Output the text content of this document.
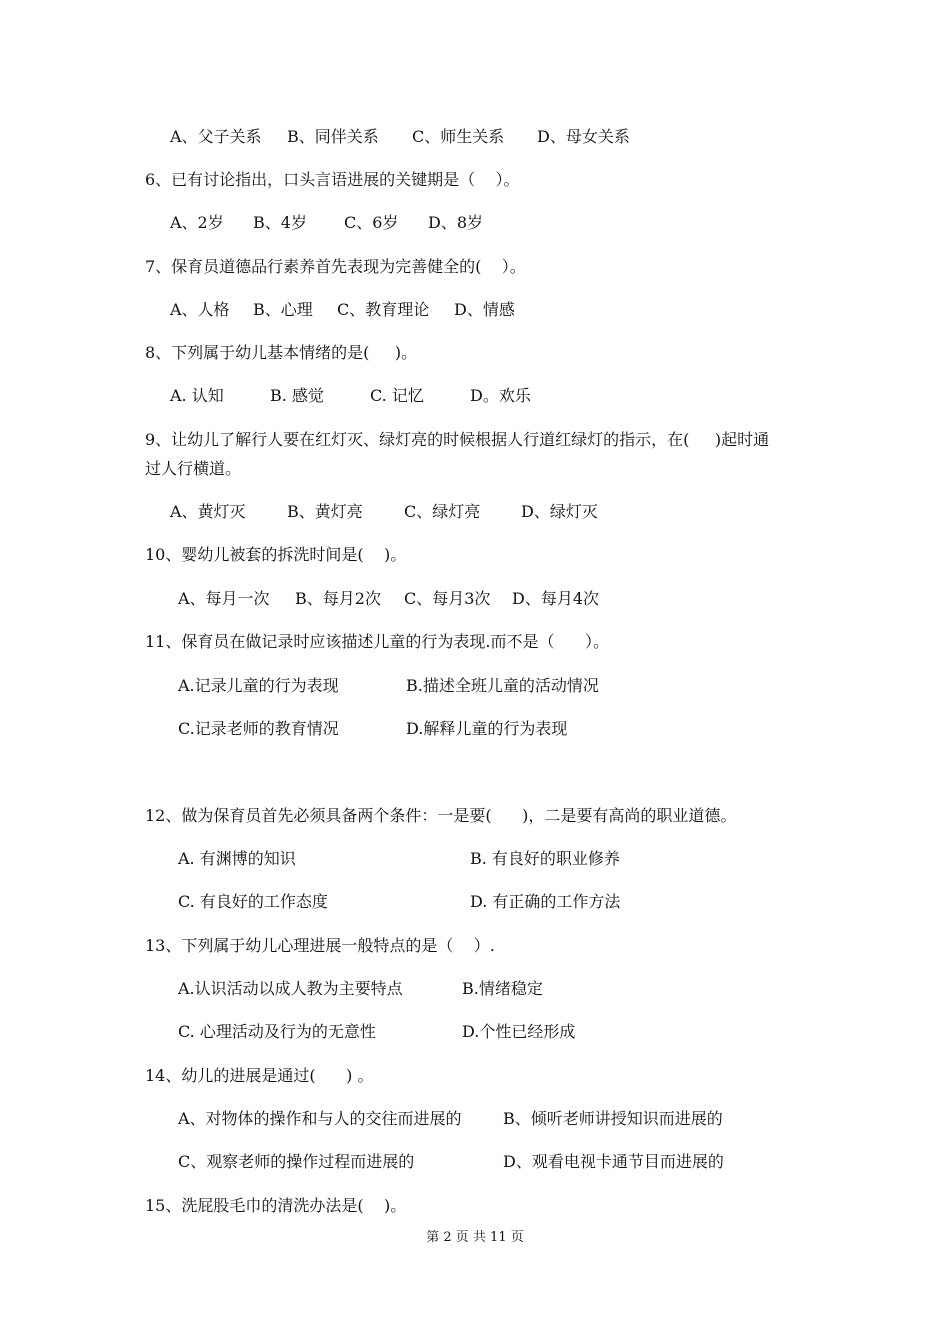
A、父子关系 B、同伴关系 C、师生关系 D、母女关系
6、已有讨论指出，口头言语进展的关键期是（    ）。
A、2岁 B、4岁 C、6岁 D、8岁
7、保育员道德品行素养首先表现为完善健全的(    ）。
A、人格 B、心理 C、教育理论 D、情感
8、下列属于幼儿基本情绪的是(     )。
A. 认知	B. 感觉	C. 记忆	D。欢乐
9、让幼儿了解行人要在红灯灭、绿灯亮的时候根据人行道红绿灯的指示，在(     )起时通
过人行横道。
A、黄灯灭	B、黄灯亮	C、绿灯亮	D、绿灯灭
10、婴幼儿被套的拆洗时间是(    )。
A、每月一次 B、每月2次 C、每月3次 D、每月4次
11、保育员在做记录时应该描述儿童的行为表现.而不是（      ）。
A.记录儿童的行为表现	B.描述全班儿童的活动情况
C.记录老师的教育情况	D.解释儿童的行为表现
12、做为保育员首先必须具备两个条件：一是要(      )，二是要有高尚的职业道德。
A. 有渊博的知识	B. 有良好的职业修养
C. 有良好的工作态度	D. 有正确的工作方法
13、下列属于幼儿心理进展一般特点的是（    ）.
A.认识活动以成人教为主要特点	B.情绪稳定
C. 心理活动及行为的无意性	D.个性已经形成
14、幼儿的进展是通过(      ) 。
A、对物体的操作和与人的交往而进展的	B、倾听老师讲授知识而进展的
C、观察老师的操作过程而进展的	D、观看电视卡通节目而进展的
15、洗屁股毛巾的清洗办法是(    )。
第 2 页 共 11 页
